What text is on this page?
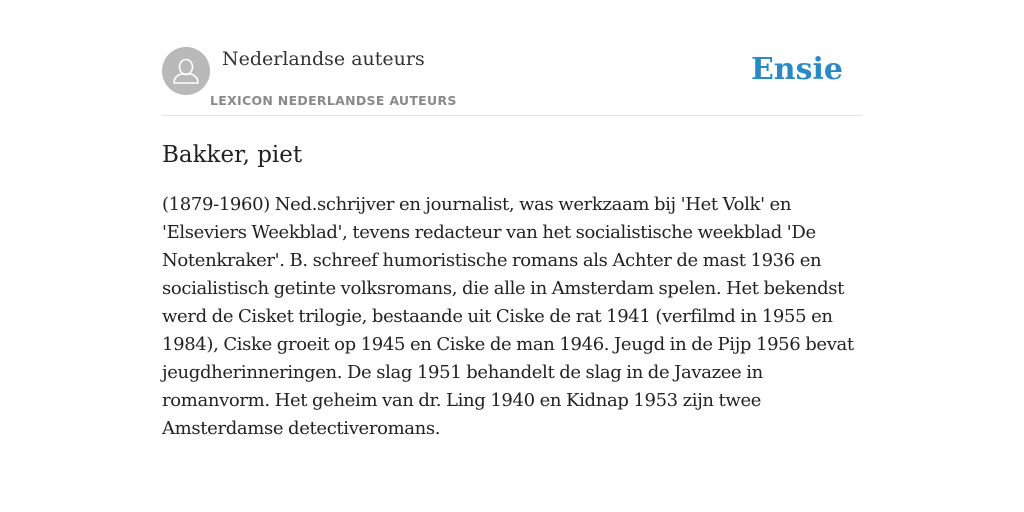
Nederlandse auteurs
LEXICON NEDERLANDSE AUTEURS
Ensie
Bakker, piet

(1879-1960) Ned.schrijver en journalist, was werkzaam bij 'Het Volk' en 'Elseviers Weekblad', tevens redacteur van het socialistische weekblad 'De Notenkraker'. B. schreef humoristische romans als Achter de mast 1936 en socialistisch getinte volksromans, die alle in Amsterdam spelen. Het bekendst werd de Cisket trilogie, bestaande uit Ciske de rat 1941 (verfilmd in 1955 en 1984), Ciske groeit op 1945 en Ciske de man 1946. Jeugd in de Pijp 1956 bevat jeugdherinneringen. De slag 1951 behandelt de slag in de Javazee in romanvorm. Het geheim van dr. Ling 1940 en Kidnap 1953 zijn twee Amsterdamse detectiveromans.
